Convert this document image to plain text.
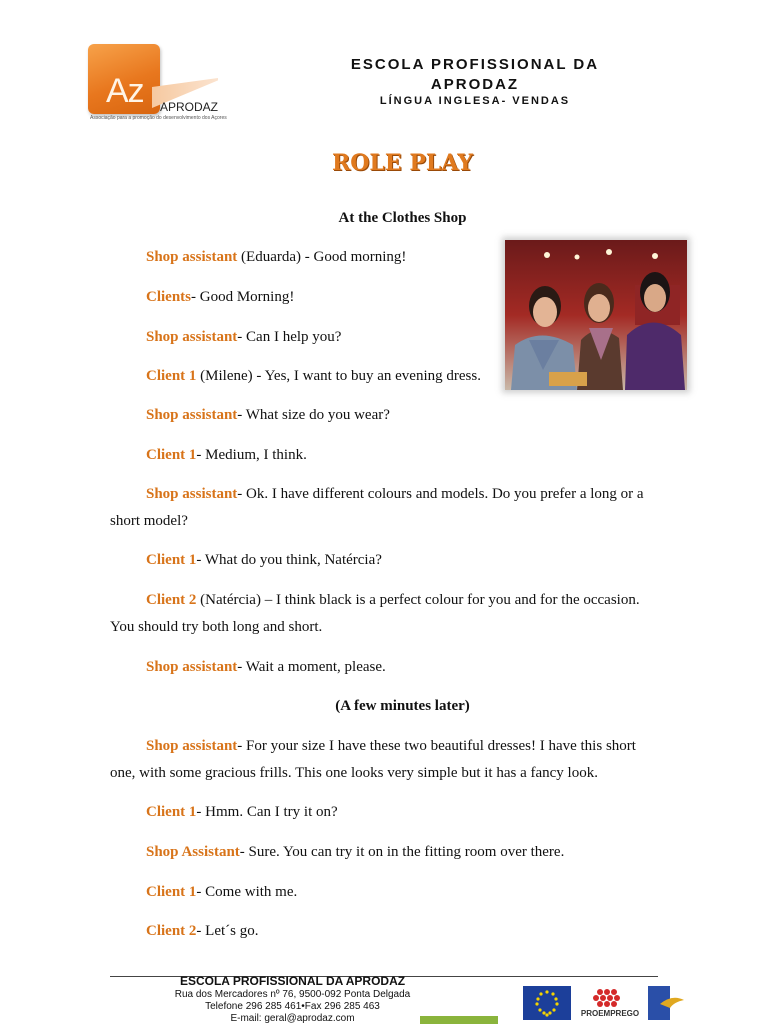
Az APRODAZ
Associação para a promoção do desenvolvimento dos Açores
ESCOLA PROFISSIONAL DA
APRODAZ
LÍNGUA INGLESA- VENDAS
ROLE PLAY
At the Clothes Shop
Shop assistant (Eduarda) - Good morning!
Clients- Good Morning!
Shop assistant- Can I help you?
Client 1 (Milene) - Yes, I want to buy an evening dress.
Shop assistant- What size do you wear?
Client 1- Medium, I think.
Shop assistant- Ok. I have different colours and models. Do you prefer a long or a short model?
Client 1- What do you think, Natércia?
Client 2 (Natércia) – I think black is a perfect colour for you and for the occasion. You should try both long and short.
Shop assistant- Wait a moment, please.
(A few minutes later)
Shop assistant- For your size I have these two beautiful dresses! I have this short one, with some gracious frills. This one looks very simple but it has a fancy look.
Client 1- Hmm. Can I try it on?
Shop Assistant- Sure. You can try it on in the fitting room over there.
Client 1- Come with me.
Client 2- Let´s go.
ESCOLA PROFISSIONAL DA APRODAZ
Rua dos Mercadores nº 76, 9500-092 Ponta Delgada
Telefone 296 285 461•Fax 296 285 463
E-mail: geral@aprodaz.com	PROEMPREGO
